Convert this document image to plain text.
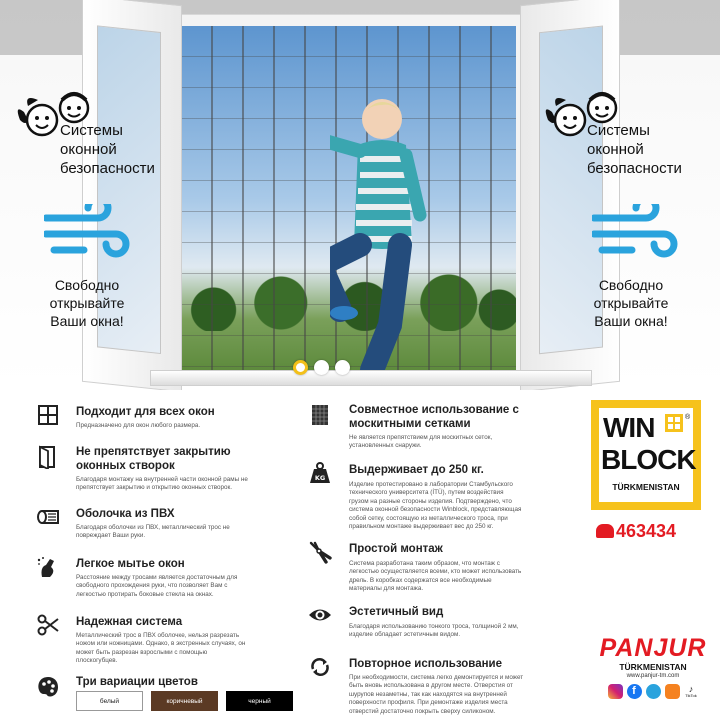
Системы
оконной
безопасности
Свободно
открывайте
Ваши окна!
Системы
оконной
безопасности
Свободно
открывайте
Ваши окна!
Подходит для всех окон

Предназначено для окон любого размера.

Не препятствует закрытию
оконных створок

Благодаря монтажу на внутренней части оконной рамы не
препятствует закрытию и открытию оконных створок.

Оболочка из ПВХ

Благодаря оболочки из ПВХ, металлический трос не
повреждает Ваши руки.

Легкое мытье окон

Расстояние между тросами является достаточным для
свободного прохождения руки, что позволяет Вам с
легкостью протирать боковые стекла на окнах.

Надежная система

Металлический трос в ПВХ оболочке, нельзя разрезать
ножом или ножницами. Однако, в экстренных случаях, он
может быть разрезан взрослыми с помощью
плоскогубцев.

Три вариации цветов
белый	коричневый	черный
Совместное использование с
москитными сетками

Не является препятствием для москитных сеток,
установленных снаружи.

KG
Выдерживает до 250 кг.

Изделие протестировано в лаборатории Стамбульского
технического университета (İTÜ), путем воздействия
грузом на разные стороны изделия. Подтверждено, что
система оконной безопасности Winblock, представляющая
собой сетку, состоящую из металлического троса, при
правильном монтаже выдерживает вес до 250 кг.

Простой монтаж

Система разработана таким образом, что монтаж с
легкостью осуществляется всеми, кто может использовать
дрель. В коробках содержатся все необходимые
материалы для монтажа.

Эстетичный вид

Благодаря использованию тонкого троса, толщиной 2 мм,
изделие обладает эстетичным видом.

Повторное использование

При необходимости, система легко демонтируется и может
быть вновь использована в другом месте. Отверстия от
шурупов незаметны, так как находятся на внутренней
поверхности профиля. При демонтаже изделия места
отверстий достаточно покрыть сверху силиконом.

WIN	®
BLOCK
TÜRKMENISTAN
463434
PANJUR
TÜRKMENISTAN
www.panjur-tm.com
f	♪
TikTok
